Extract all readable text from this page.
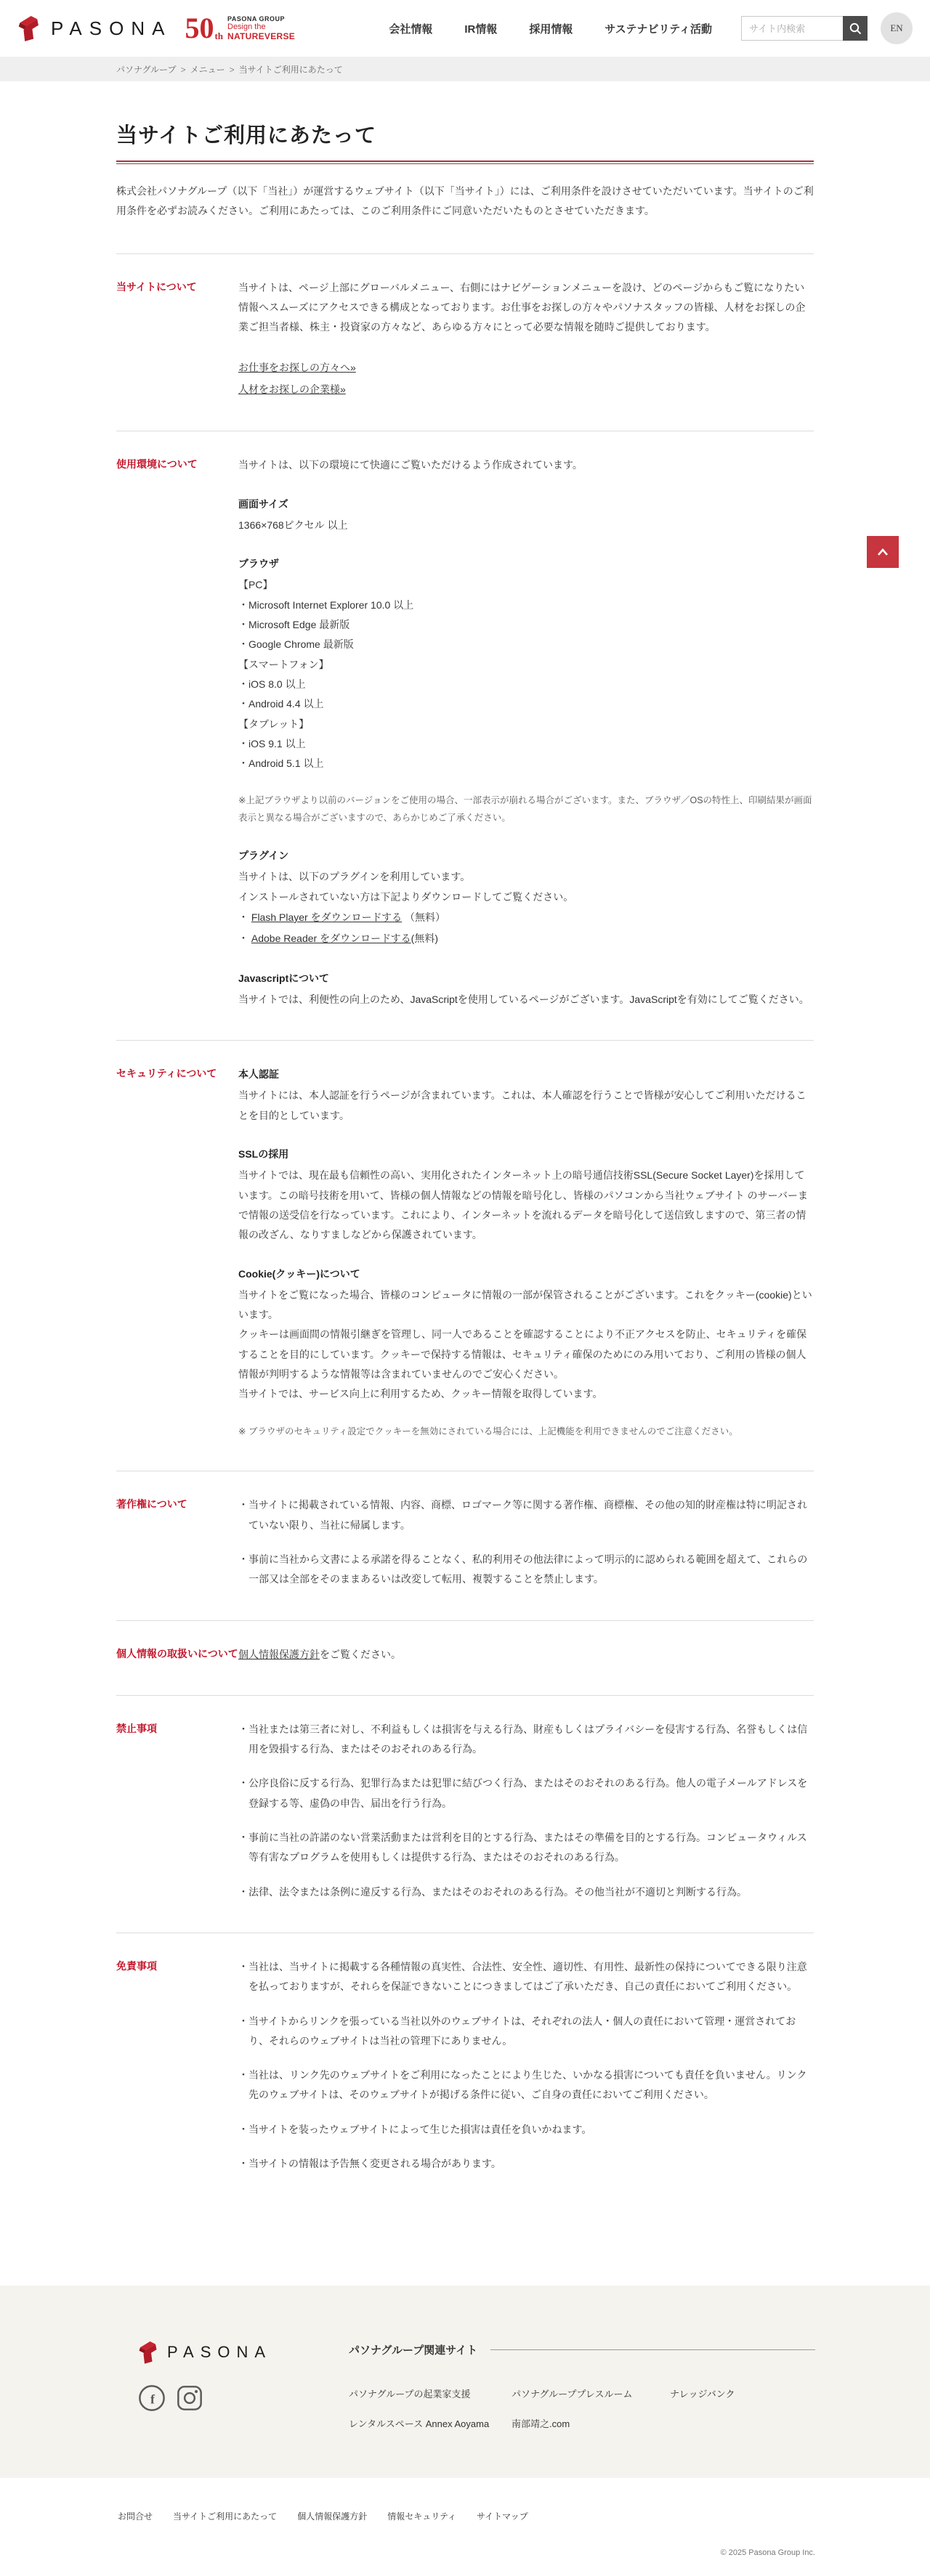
PASONA 50th
PASONA GROUP
Design the
NATUREVERSE
会社情報	IR情報	採用情報	サステナビリティ活動
サイト内検索	EN
パソナグループ > メニュー > 当サイトご利用にあたって
当サイトご利用にあたって

株式会社パソナグループ（以下「当社」）が運営するウェブサイト（以下「当サイト」）には、ご利用条件を設けさせていただいています。当サイトのご利用条件を必ずお読みください。ご利用にあたっては、このご利用条件にご同意いただいたものとさせていただきます。

当サイトについて	当サイトは、ページ上部にグローバルメニュー、右側にはナビゲーションメニューを設け、どのページからもご覧になりたい情報へスムーズにアクセスできる構成となっております。お仕事をお探しの方々やパソナスタッフの皆様、人材をお探しの企業ご担当者様、株主・投資家の方々など、あらゆる方々にとって必要な情報を随時ご提供しております。

お仕事をお探しの方々へ»
人材をお探しの企業様»
使用環境について	当サイトは、以下の環境にて快適にご覧いただけるよう作成されています。

画面サイズ
1366×768ピクセル 以上
ブラウザ
【PC】
・Microsoft Internet Explorer 10.0 以上
・Microsoft Edge 最新版
・Google Chrome 最新版
【スマートフォン】
・iOS 8.0 以上
・Android 4.4 以上
【タブレット】
・iOS 9.1 以上
・Android 5.1 以上

※上記ブラウザより以前のバージョンをご使用の場合、一部表示が崩れる場合がございます。また、ブラウザ／OSの特性上、印刷結果が画面表示と異なる場合がございますので、あらかじめご了承ください。

プラグイン
当サイトは、以下のプラグインを利用しています。
インストールされていない方は下記よりダウンロードしてご覧ください。
・ Flash Player をダウンロードする （無料）
・ Adobe Reader をダウンロードする(無料)
Javascriptについて

当サイトでは、利便性の向上のため、JavaScriptを使用しているページがございます。JavaScriptを有効にしてご覧ください。

セキュリティについて	本人認証

当サイトには、本人認証を行うページが含まれています。これは、本人確認を行うことで皆様が安心してご利用いただけることを目的としています。

SSLの採用

当サイトでは、現在最も信頼性の高い、実用化されたインターネット上の暗号通信技術SSL(Secure Socket Layer)を採用しています。この暗号技術を用いて、皆様の個人情報などの情報を暗号化し、皆様のパソコンから当社ウェブサイト のサーバーまで情報の送受信を行なっています。これにより、インターネットを流れるデータを暗号化して送信致しますので、第三者の情報の改ざん、なりすましなどから保護されています。

Cookie(クッキー)について

当サイトをご覧になった場合、皆様のコンピュータに情報の一部が保管されることがございます。これをクッキー(cookie)といいます。

クッキーは画面間の情報引継ぎを管理し、同一人であることを確認することにより不正アクセスを防止、セキュリティを確保することを目的にしています。クッキーで保持する情報は、セキュリティ確保のためにのみ用いており、ご利用の皆様の個人情報が判明するような情報等は含まれていませんのでご安心ください。

当サイトでは、サービス向上に利用するため、クッキー情報を取得しています。

※ ブラウザのセキュリティ設定でクッキーを無効にされている場合には、上記機能を利用できませんのでご注意ください。

著作権について	・ 当サイトに掲載されている情報、内容、商標、ロゴマーク等に関する著作権、商標権、その他の知的財産権は特に明記されていない限り、当社に帰属します。
・ 事前に当社から文書による承諾を得ることなく、私的利用その他法律によって明示的に認められる範囲を超えて、これらの一部又は全部をそのままあるいは改変して転用、複製することを禁止します。
個人情報の取扱いについて 個人情報保護方針をご覧ください。

禁止事項	・ 当社または第三者に対し、不利益もしくは損害を与える行為、財産もしくはプライバシーを侵害する行為、名誉もしくは信用を毀損する行為、またはそのおそれのある行為。
・ 公序良俗に反する行為、犯罪行為または犯罪に結びつく行為、またはそのおそれのある行為。他人の電子メールアドレスを登録する等、虚偽の申告、届出を行う行為。
・ 事前に当社の許諾のない営業活動または営利を目的とする行為、またはその準備を目的とする行為。コンピュータウィルス等有害なプログラムを使用もしくは提供する行為、またはそのおそれのある行為。
・ 法律、法令または条例に違反する行為、またはそのおそれのある行為。その他当社が不適切と判断する行為。
免責事項	・ 当社は、当サイトに掲載する各種情報の真実性、合法性、安全性、適切性、有用性、最新性の保持についてできる限り注意を払っておりますが、それらを保証できないことにつきましてはご了承いただき、自己の責任においてご利用ください。
・ 当サイトからリンクを張っている当社以外のウェブサイトは、それぞれの法人・個人の責任において管理・運営されており、それらのウェブサイトは当社の管理下にありません。
・ 当社は、リンク先のウェブサイトをご利用になったことにより生じた、いかなる損害についても責任を負いません。リンク先のウェブサイトは、そのウェブサイトが掲げる条件に従い、ご自身の責任においてご利用ください。
・ 当サイトを装ったウェブサイトによって生じた損害は責任を負いかねます。
・ 当サイトの情報は予告無く変更される場合があります。
PASONA
f
パソナグループ関連サイト
パソナグループの起業家支援	パソナグループプレスルーム	ナレッジバンク
レンタルスペース Annex Aoyama	南部靖之.com
お問合せ 当サイトご利用にあたって 個人情報保護方針 情報セキュリティ サイトマップ
© 2025 Pasona Group Inc.
